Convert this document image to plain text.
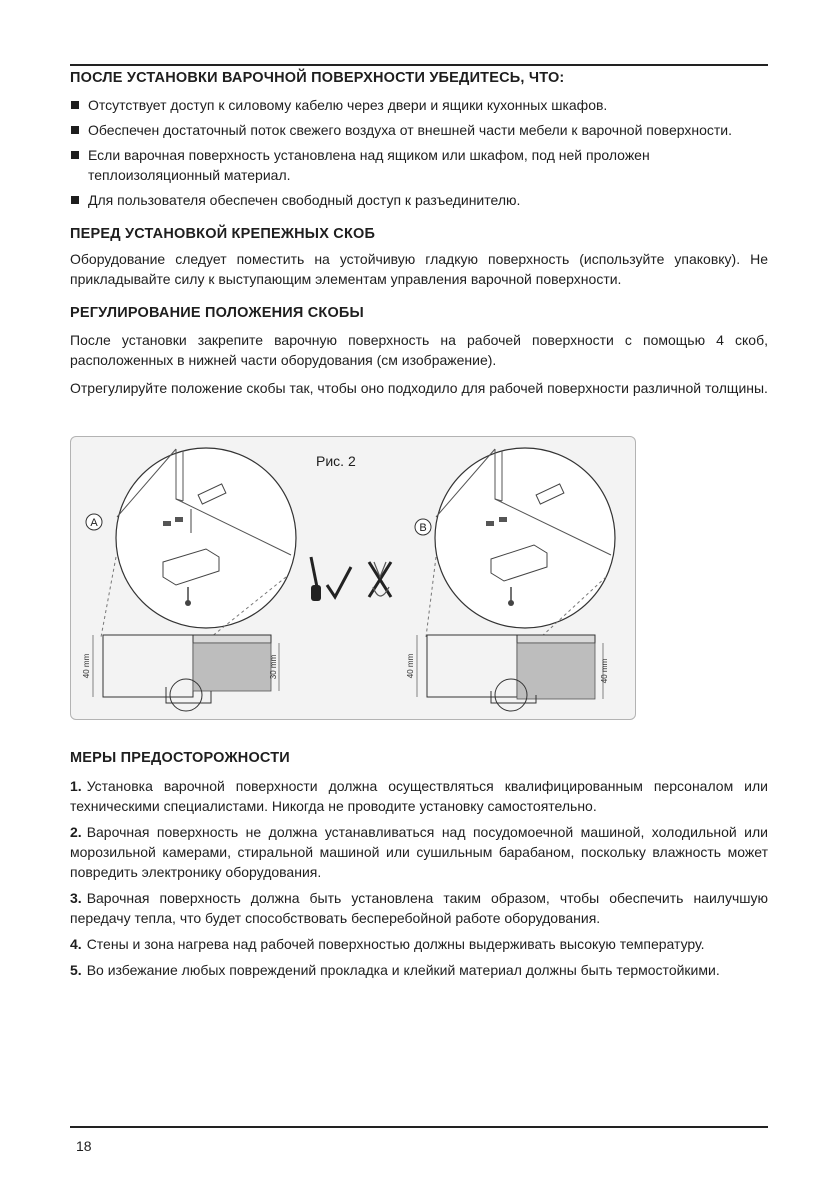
ПОСЛЕ УСТАНОВКИ ВАРОЧНОЙ ПОВЕРХНОСТИ УБЕДИТЕСЬ, ЧТО:
Отсутствует доступ к силовому кабелю через двери и ящики кухонных шкафов.
Обеспечен достаточный поток свежего воздуха от внешней части мебели к варочной поверхности.
Если варочная поверхность установлена над ящиком или шкафом, под ней проложен теплоизоляционный материал.
Для пользователя обеспечен свободный доступ к разъединителю.
ПЕРЕД УСТАНОВКОЙ КРЕПЕЖНЫХ СКОБ

Оборудование следует поместить на устойчивую гладкую поверхность (используйте упаковку). Не прикладывайте силу к выступающим элементам управления варочной поверхности.

РЕГУЛИРОВАНИЕ ПОЛОЖЕНИЯ СКОБЫ

После установки закрепите варочную поверхность на рабочей поверхности с помощью 4 скоб, расположенных в нижней части оборудования (см изображение).

Отрегулируйте положение скобы так, чтобы оно подходило для рабочей поверхности различной толщины.

A	B
40 mm	30 mm	40 mm	40 mm
Рис. 2
МЕРЫ ПРЕДОСТОРОЖНОСТИ
1. Установка варочной поверхности должна осуществляться квалифицированным персоналом или техническими специалистами. Никогда не проводите установку самостоятельно.
2. Варочная поверхность не должна устанавливаться над посудомоечной машиной, холодильной или морозильной камерами, стиральной машиной или сушильным барабаном, поскольку влажность может повредить электронику оборудования.
3. Варочная поверхность должна быть установлена таким образом, чтобы обеспечить наилучшую передачу тепла, что будет способствовать бесперебойной работе оборудования.
4. Стены и зона нагрева над рабочей поверхностью должны выдерживать высокую температуру.
5. Во избежание любых повреждений прокладка и клейкий материал должны быть термостойкими.
18
